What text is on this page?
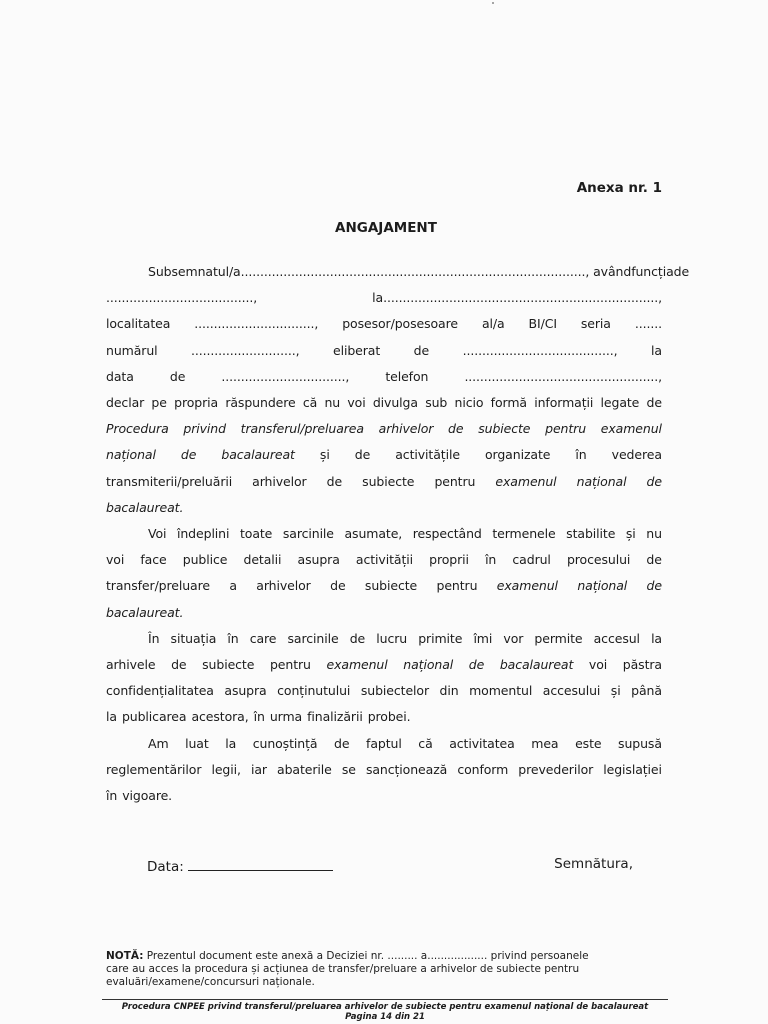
Anexa nr. 1
ANGAJAMENT
Subsemnatul/a ........................................................................................., având funcția de
......................................,	la.......................................................................,
localitatea ..............................., posesor/posesoare al/a BI/CI seria .......
numărul	...........................,	eliberat	de	.......................................,	la
data	de	................................,	telefon	..................................................,
declar pe propria răspundere că nu voi divulga sub nicio formă informații legate de
Procedura privind transferul/preluarea arhivelor de subiecte pentru examenul
național de bacalaureat și de activitățile organizate în vederea
transmiterii/preluării arhivelor de subiecte pentru examenul național de
bacalaureat.
Voi îndeplini toate sarcinile asumate, respectând termenele stabilite și nu
voi face publice detalii asupra activității proprii în cadrul procesului de
transfer/preluare a arhivelor de subiecte pentru examenul național de
bacalaureat.
În situația în care sarcinile de lucru primite îmi vor permite accesul la
arhivele de subiecte pentru examenul național de bacalaureat voi păstra
confidențialitatea asupra conținutului subiectelor din momentul accesului și până
la publicarea acestora, în urma finalizării probei.
Am luat la cunoștință de faptul că activitatea mea este supusă
reglementărilor legii, iar abaterile se sancționează conform prevederilor legislației
în vigoare.
Data:	Semnătura,
NOTĂ: Prezentul document este anexă a Deciziei nr. ......... a.................. privind persoanele
care au acces la procedura și acțiunea de transfer/preluare a arhivelor de subiecte pentru
evaluări/examene/concursuri naționale.
Procedura CNPEE privind transferul/preluarea arhivelor de subiecte pentru examenul național de bacalaureat
Pagina 14 din 21
